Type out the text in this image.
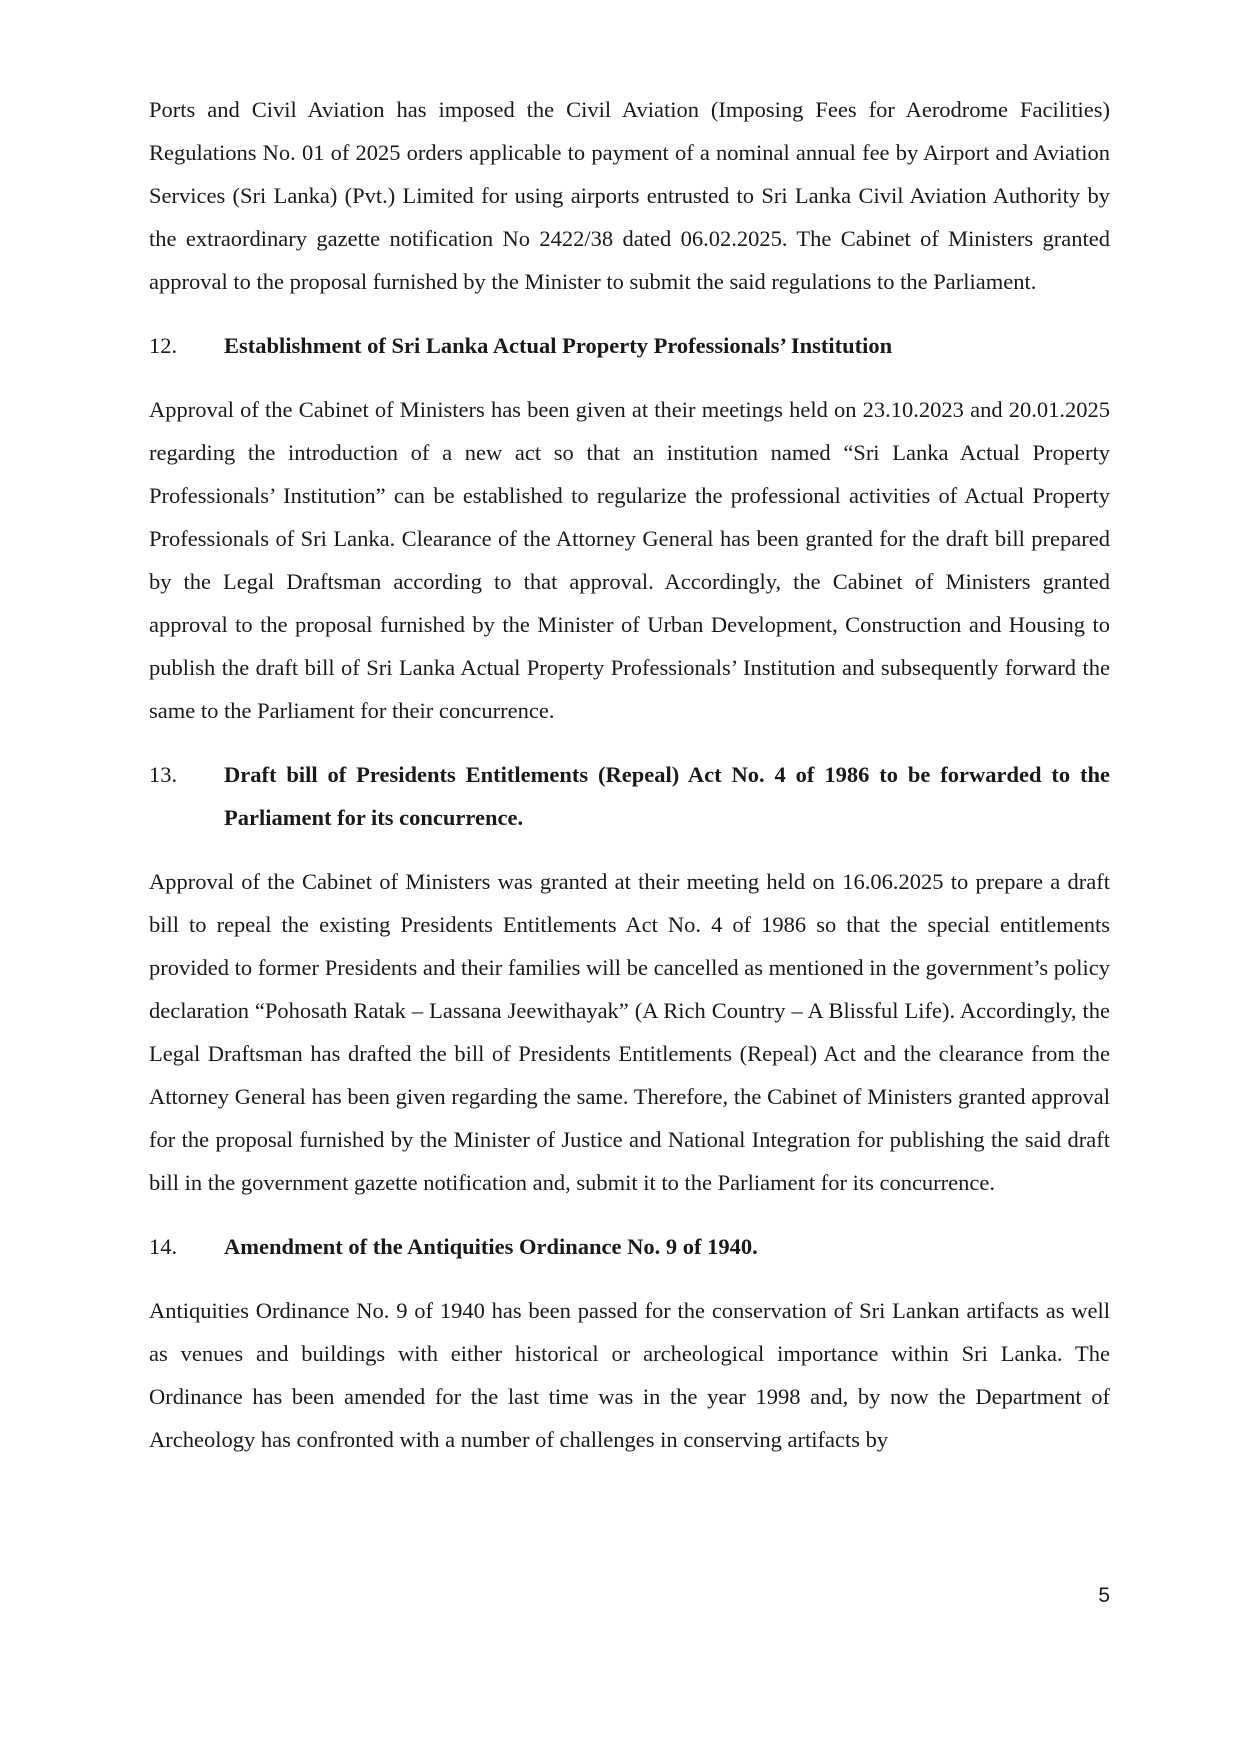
Ports and Civil Aviation has imposed the Civil Aviation (Imposing Fees for Aerodrome Facilities) Regulations No. 01 of 2025 orders applicable to payment of a nominal annual fee by Airport and Aviation Services (Sri Lanka) (Pvt.) Limited for using airports entrusted to Sri Lanka Civil Aviation Authority by the extraordinary gazette notification No 2422/38 dated 06.02.2025. The Cabinet of Ministers granted approval to the proposal furnished by the Minister to submit the said regulations to the Parliament.

12.	Establishment of Sri Lanka Actual Property Professionals’ Institution

Approval of the Cabinet of Ministers has been given at their meetings held on 23.10.2023 and 20.01.2025 regarding the introduction of a new act so that an institution named “Sri Lanka Actual Property Professionals’ Institution” can be established to regularize the professional activities of Actual Property Professionals of Sri Lanka. Clearance of the Attorney General has been granted for the draft bill prepared by the Legal Draftsman according to that approval. Accordingly, the Cabinet of Ministers granted approval to the proposal furnished by the Minister of Urban Development, Construction and Housing to publish the draft bill of Sri Lanka Actual Property Professionals’ Institution and subsequently forward the same to the Parliament for their concurrence.

13.	Draft bill of Presidents Entitlements (Repeal) Act No. 4 of 1986 to be forwarded to the Parliament for its concurrence.

Approval of the Cabinet of Ministers was granted at their meeting held on 16.06.2025 to prepare a draft bill to repeal the existing Presidents Entitlements Act No. 4 of 1986 so that the special entitlements provided to former Presidents and their families will be cancelled as mentioned in the government’s policy declaration “Pohosath Ratak – Lassana Jeewithayak” (A Rich Country – A Blissful Life). Accordingly, the Legal Draftsman has drafted the bill of Presidents Entitlements (Repeal) Act and the clearance from the Attorney General has been given regarding the same. Therefore, the Cabinet of Ministers granted approval for the proposal furnished by the Minister of Justice and National Integration for publishing the said draft bill in the government gazette notification and, submit it to the Parliament for its concurrence.

14.	Amendment of the Antiquities Ordinance No. 9 of 1940.

Antiquities Ordinance No. 9 of 1940 has been passed for the conservation of Sri Lankan artifacts as well as venues and buildings with either historical or archeological importance within Sri Lanka. The Ordinance has been amended for the last time was in the year 1998 and, by now the Department of Archeology has confronted with a number of challenges in conserving artifacts by

5
